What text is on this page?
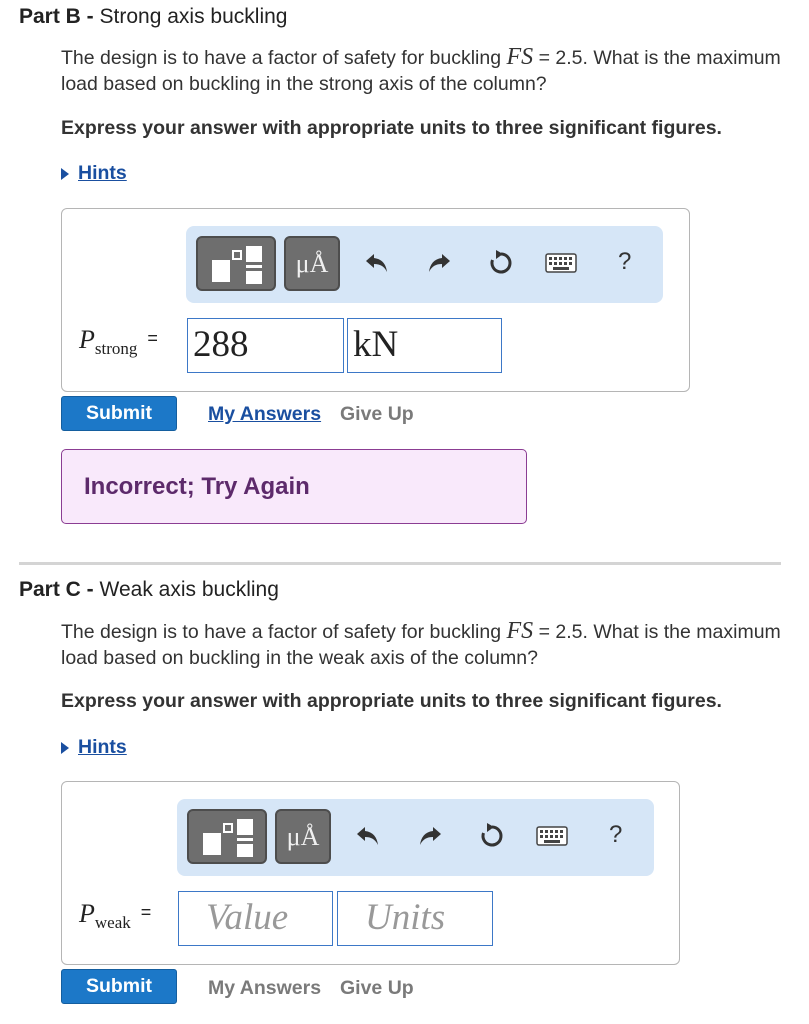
Part B - Strong axis buckling
The design is to have a factor of safety for buckling FS = 2.5. What is the maximum load based on buckling in the strong axis of the column?
Express your answer with appropriate units to three significant figures.
Hints
μÅ	?
$P_{strong}= 288$	kN
Submit	My Answers Give Up
Incorrect; Try Again
Part C - Weak axis buckling
The design is to have a factor of safety for buckling FS = 2.5. What is the maximum load based on buckling in the weak axis of the column?
Express your answer with appropriate units to three significant figures.
Hints
μÅ	?
$P_{weak}=$	Value	Units
Submit	My Answers Give Up
